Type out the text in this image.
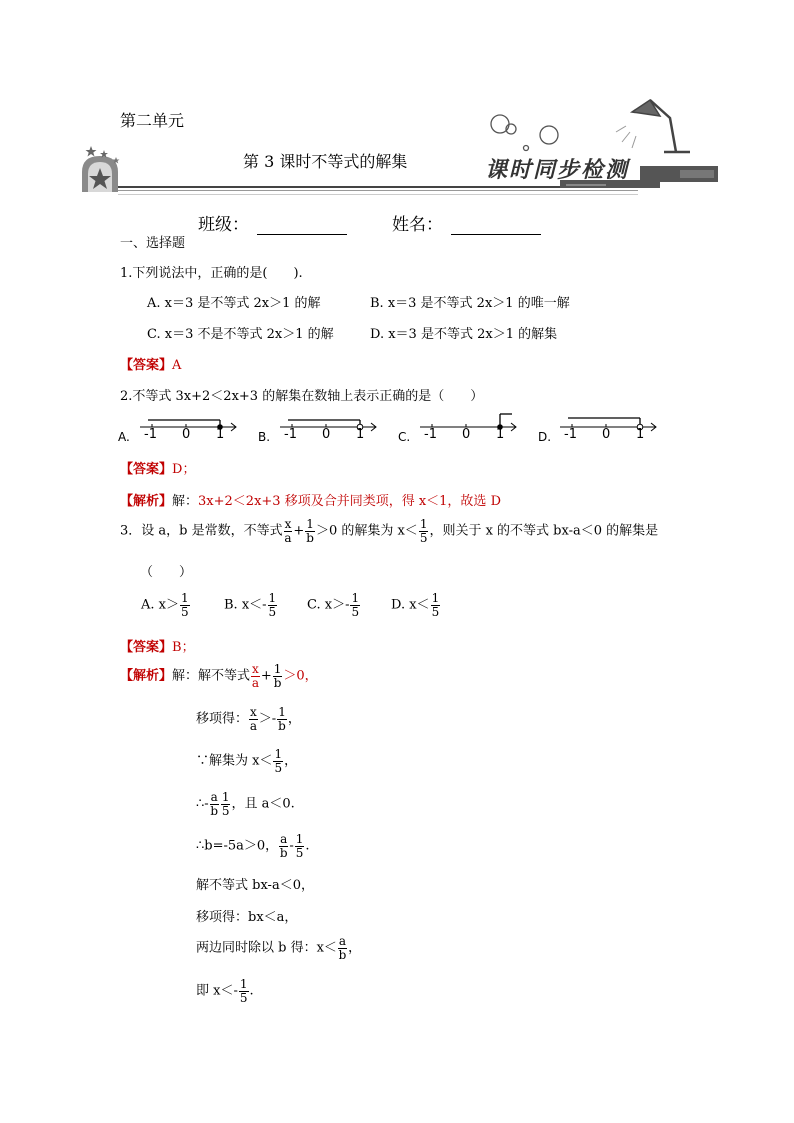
第二单元
第 3 课时不等式的解集	课时同步检测
班级：	姓名：
一、选择题
1.下列说法中，正确的是(　　).
A. x＝3 是不等式 2x＞1 的解	B. x＝3 是不等式 2x＞1 的唯一解
C. x＝3 不是不等式 2x＞1 的解	D. x＝3 是不等式 2x＞1 的解集
【答案】A
2.不等式 3x+2＜2x+3 的解集在数轴上表示正确的是（　　）
A.	B.	C.	D.
-1 0 1	-1 0 1	-1 0 1	-1 0 1
【答案】D；
【解析】解：3x+2＜2x+3 移项及合并同类项，得 x＜1，故选 D
3．设 a，b 是常数，不等式 $\frac{x}{a} + \frac{1}{b} >0$ 的解集为 $x< \frac{1}{5}$ ，则关于 x 的不等式 bx-a＜0 的解集是
（　　）
A. $x> \frac{1}{5}$	B. $x<- \frac{1}{5} C$. $x>- \frac{1}{5} D$. $x< \frac{1}{5}$
【答案】B；
【解析】解：解不等式 $\frac{x}{a} + \frac{1}{b} >0$，
移项得： $\frac{x}{a} >- \frac{1}{b}$ ，
∵解集为 $x< \frac{1}{5}$ ，
∴- $\frac{a}{b} \frac{1}{5}$ ，且 a＜0.
∴b=-5a＞0， $\frac{a}{b} - \frac{1}{5}$ .
解不等式 bx-a＜0，
移项得：bx＜a，
两边同时除以 b 得：$x< \frac{a}{b}$ ，
即 $x<- \frac{1}{5}$ .
